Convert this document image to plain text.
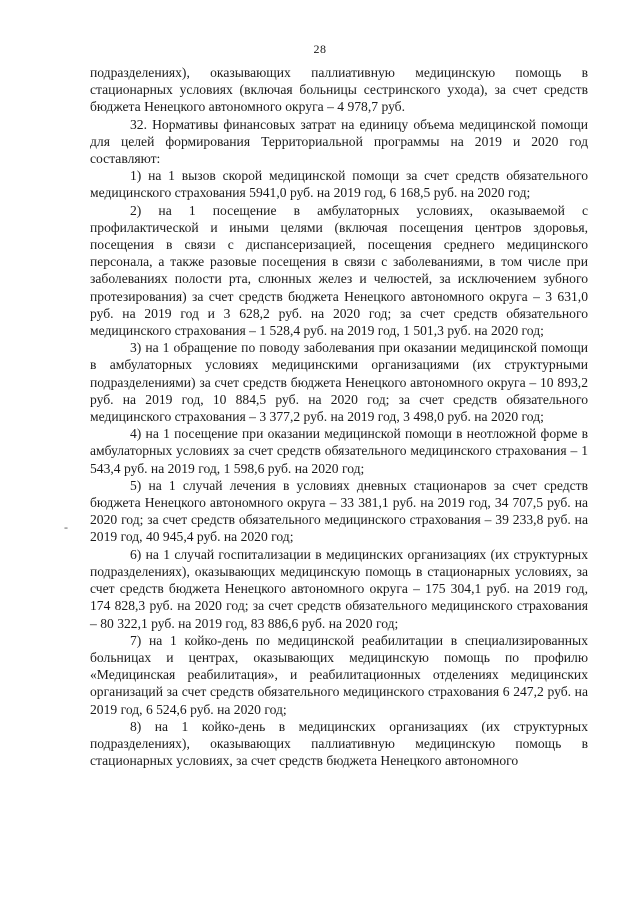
28
-

подразделениях), оказывающих паллиативную медицинскую помощь в стационарных условиях (включая больницы сестринского ухода), за счет средств бюджета Ненецкого автономного округа – 4 978,7 руб.

32. Нормативы финансовых затрат на единицу объема медицинской помощи для целей формирования Территориальной программы на 2019 и 2020 год составляют:

1) на 1 вызов скорой медицинской помощи за счет средств обязательного медицинского страхования 5941,0 руб. на 2019 год, 6 168,5 руб. на 2020 год;

2) на 1 посещение в амбулаторных условиях, оказываемой с профилактической и иными целями (включая посещения центров здоровья, посещения в связи с диспансеризацией, посещения среднего медицинского персонала, а также разовые посещения в связи с заболеваниями, в том числе при заболеваниях полости рта, слюнных желез и челюстей, за исключением зубного протезирования) за счет средств бюджета Ненецкого автономного округа – 3 631,0 руб. на 2019 год и 3 628,2 руб. на 2020 год; за счет средств обязательного медицинского страхования – 1 528,4 руб. на 2019 год, 1 501,3 руб. на 2020 год;

3) на 1 обращение по поводу заболевания при оказании медицинской помощи в амбулаторных условиях медицинскими организациями (их структурными подразделениями) за счет средств бюджета Ненецкого автономного округа – 10 893,2 руб. на 2019 год, 10 884,5 руб. на 2020 год; за счет средств обязательного медицинского страхования – 3 377,2 руб. на 2019 год, 3 498,0 руб. на 2020 год;

4) на 1 посещение при оказании медицинской помощи в неотложной форме в амбулаторных условиях за счет средств обязательного медицинского страхования – 1 543,4 руб. на 2019 год, 1 598,6 руб. на 2020 год;

5) на 1 случай лечения в условиях дневных стационаров за счет средств бюджета Ненецкого автономного округа – 33 381,1 руб. на 2019 год, 34 707,5 руб. на 2020 год; за счет средств обязательного медицинского страхования – 39 233,8 руб. на 2019 год, 40 945,4 руб. на 2020 год;

6) на 1 случай госпитализации в медицинских организациях (их структурных подразделениях), оказывающих медицинскую помощь в стационарных условиях, за счет средств бюджета Ненецкого автономного округа – 175 304,1 руб. на 2019 год, 174 828,3 руб. на 2020 год; за счет средств обязательного медицинского страхования – 80 322,1 руб. на 2019 год, 83 886,6 руб. на 2020 год;

7) на 1 койко-день по медицинской реабилитации в специализированных больницах и центрах, оказывающих медицинскую помощь по профилю «Медицинская реабилитация», и реабилитационных отделениях медицинских организаций за счет средств обязательного медицинского страхования 6 247,2 руб. на 2019 год, 6 524,6 руб. на 2020 год;

8) на 1 койко-день в медицинских организациях (их структурных подразделениях), оказывающих паллиативную медицинскую помощь в стационарных условиях, за счет средств бюджета Ненецкого автономного
